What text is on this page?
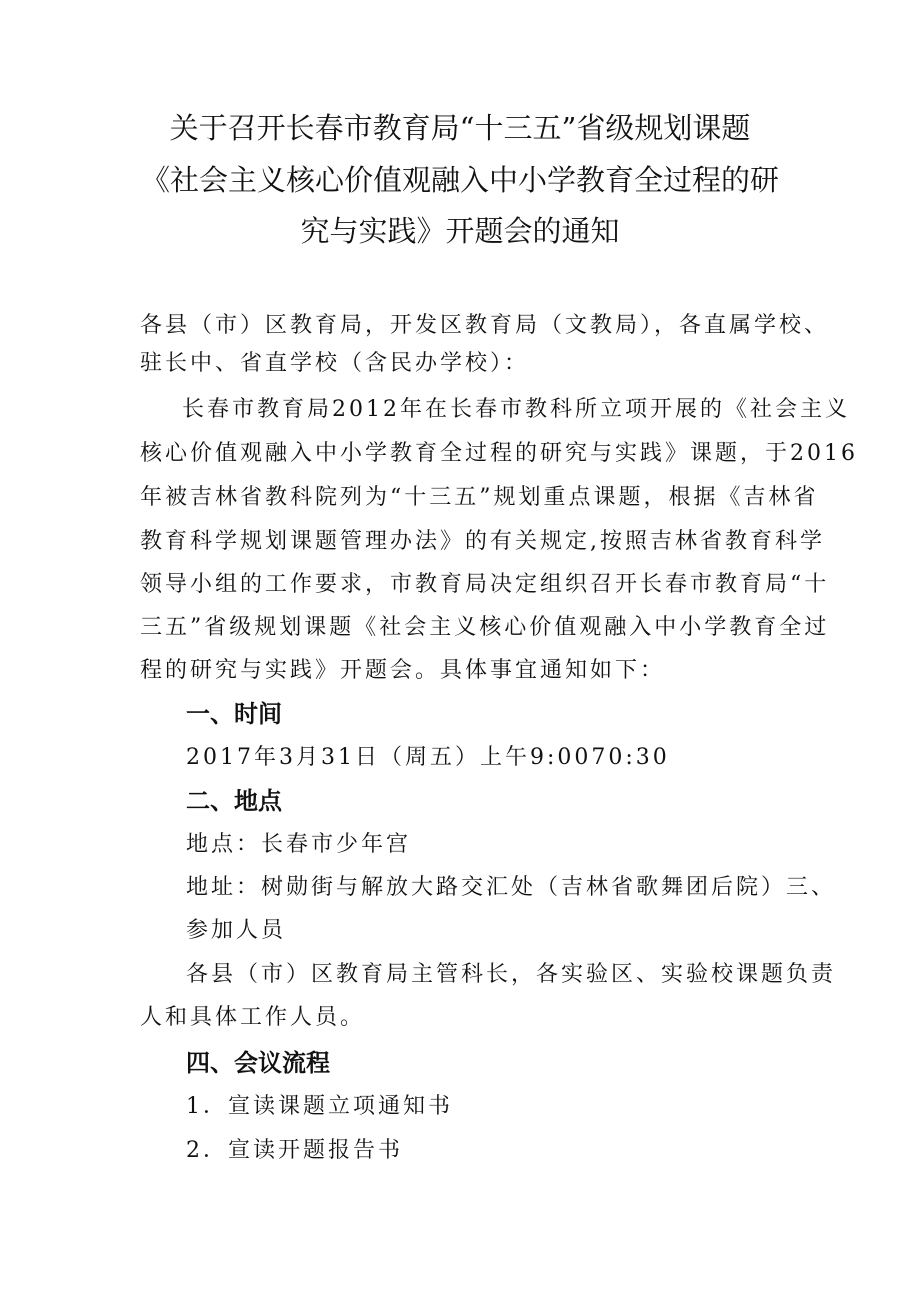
关于召开长春市教育局“十三五”省级规划课题
《社会主义核心价值观融入中小学教育全过程的研
究与实践》开题会的通知
各县（市）区教育局，开发区教育局（文教局），各直属学校、
驻长中、省直学校（含民办学校）：
长春市教育局2012年在长春市教科所立项开展的《社会主义
核心价值观融入中小学教育全过程的研究与实践》课题，于2016
年被吉林省教科院列为“十三五”规划重点课题，根据《吉林省
教育科学规划课题管理办法》的有关规定,按照吉林省教育科学
领导小组的工作要求，市教育局决定组织召开长春市教育局“十
三五”省级规划课题《社会主义核心价值观融入中小学教育全过
程的研究与实践》开题会。具体事宜通知如下：
一、时间
2017年3月31日（周五）上午9:0070:30
二、地点
地点：长春市少年宫
地址：树勋街与解放大路交汇处（吉林省歌舞团后院）三、
参加人员
各县（市）区教育局主管科长，各实验区、实验校课题负责
人和具体工作人员。
四、会议流程
1．宣读课题立项通知书
2．宣读开题报告书
